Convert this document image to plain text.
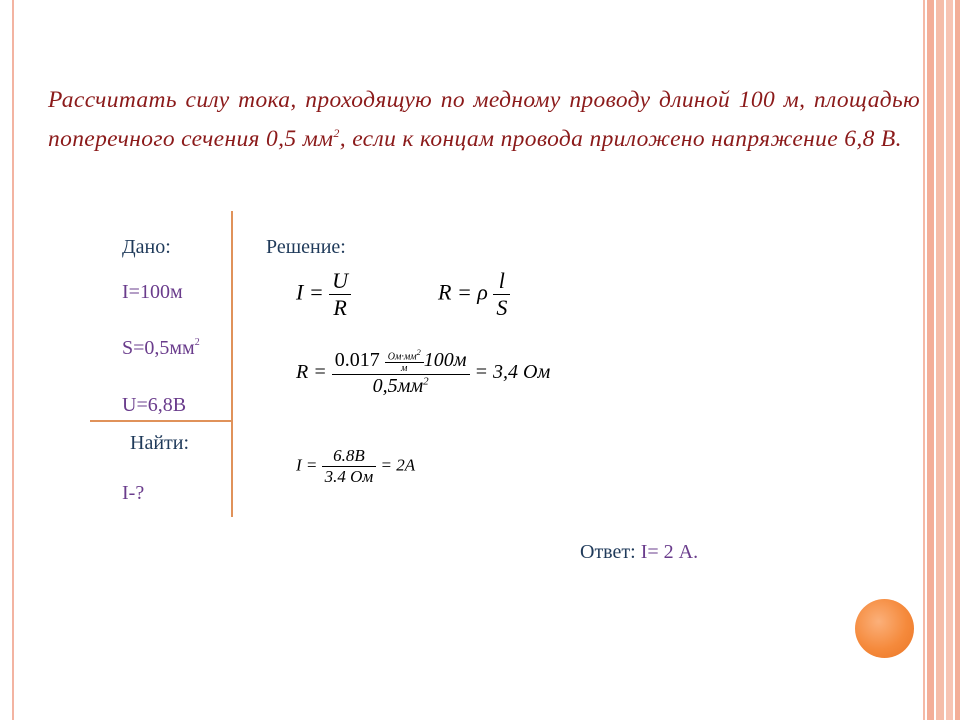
Рассчитать силу тока, проходящую по медному проводу длиной 100 м, площадью поперечного сечения 0,5 $мм^2$, если к концам провода приложено напряжение 6,8 В.
Дано:
I=100м
$S=0,5мм^2$
U=6,8В
Найти:
I-?
Решение:
$I = \frac{U}{R}$	R = ρ $\frac{l}{S}$
$R = \frac{0.017 \frac{Ом\cdot мм^2}{м} 100м}{0,5мм^2} = 3,4$ Ом
$I = \frac{6.8В}{3.4 Ом} = 2А$
Ответ: I= 2 А.
